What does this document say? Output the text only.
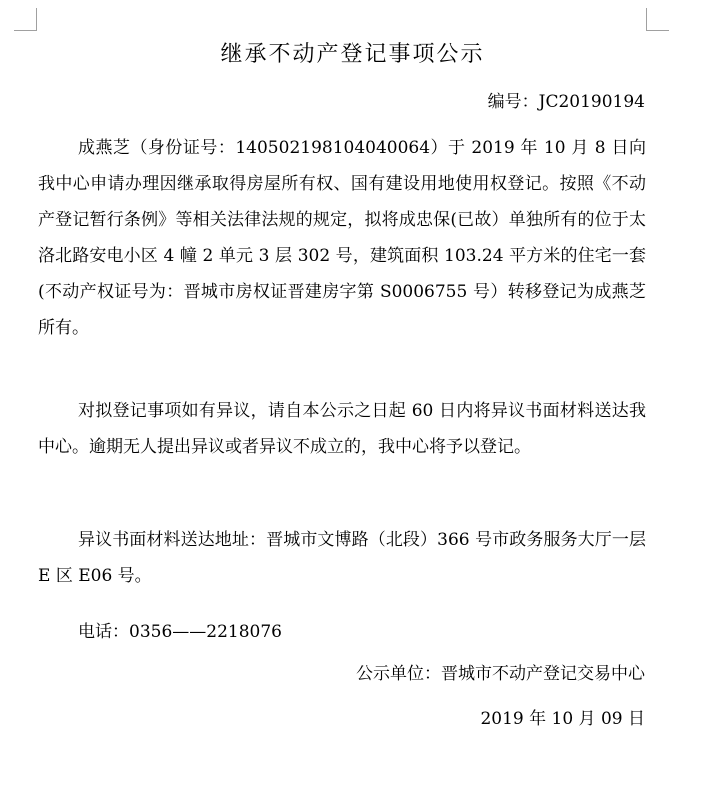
继承不动产登记事项公示
编号：JC20190194

成燕芝（身份证号：140502198104040064）于 2019 年 10 月 8 日向我中心申请办理因继承取得房屋所有权、国有建设用地使用权登记。按照《不动产登记暂行条例》等相关法律法规的规定，拟将成忠保(已故）单独所有的位于太洛北路安电小区 4 幢 2 单元 3 层 302 号，建筑面积 103.24 平方米的住宅一套(不动产权证号为：晋城市房权证晋建房字第 S0006755 号）转移登记为成燕芝所有。

对拟登记事项如有异议，请自本公示之日起 60 日内将异议书面材料送达我中心。逾期无人提出异议或者异议不成立的，我中心将予以登记。

异议书面材料送达地址：晋城市文博路（北段）366 号市政务服务大厅一层 E 区 E06 号。

电话：0356——2218076
公示单位：晋城市不动产登记交易中心
2019 年 10 月 09 日
